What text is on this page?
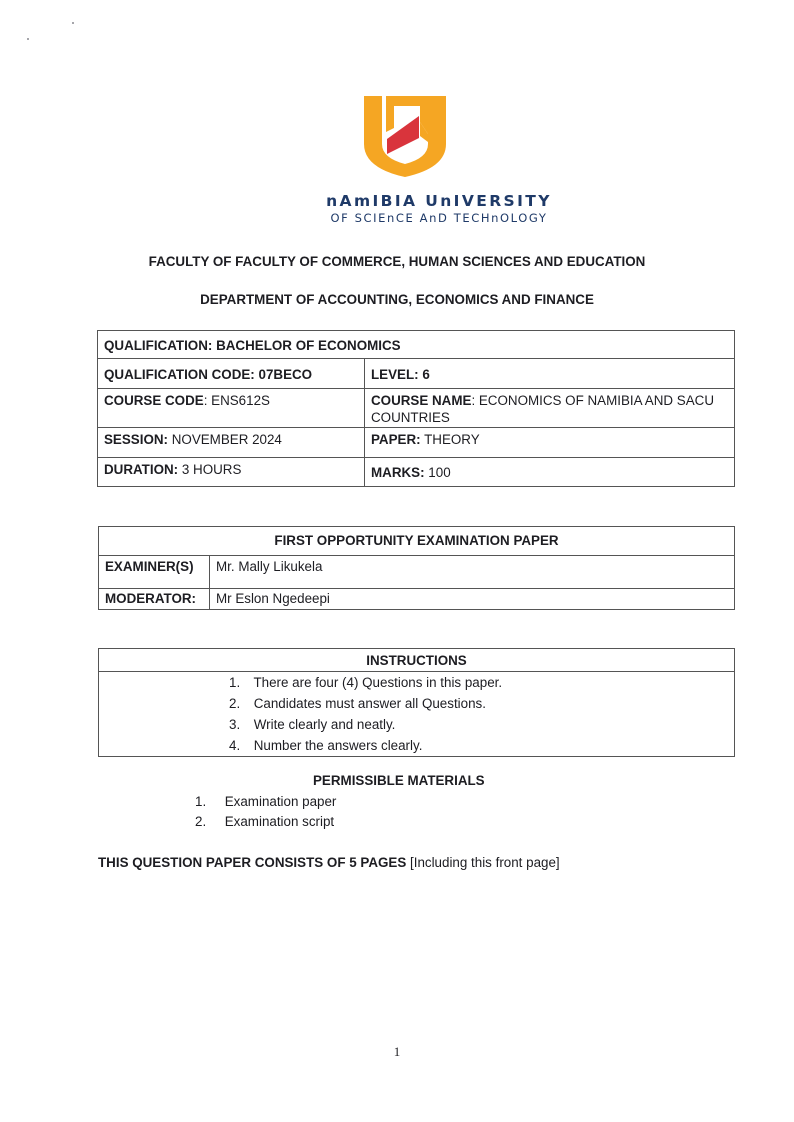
nAmIBIA UnIVERSITY
OF SCIEnCE AnD TECHnOLOGY
FACULTY OF FACULTY OF COMMERCE, HUMAN SCIENCES AND EDUCATION
DEPARTMENT OF ACCOUNTING, ECONOMICS AND FINANCE
QUALIFICATION: BACHELOR OF ECONOMICS	
QUALIFICATION CODE: 07BECO	LEVEL: 6
COURSE CODE: ENS612S	COURSE NAME: ECONOMICS OF NAMIBIA AND SACU COUNTRIES
SESSION: NOVEMBER 2024	PAPER: THEORY
DURATION: 3 HOURS	MARKS: 100
FIRST OPPORTUNITY EXAMINATION PAPER	
EXAMINER(S)	Mr. Mally Likukela
MODERATOR:	Mr Eslon Ngedeepi
INSTRUCTIONS

1. There are four (4) Questions in this paper.
2. Candidates must answer all Questions.
3. Write clearly and neatly.
4. Number the answers clearly.
PERMISSIBLE MATERIALS
1. Examination paper
2. Examination script
THIS QUESTION PAPER CONSISTS OF 5 PAGES [Including this front page]
1
